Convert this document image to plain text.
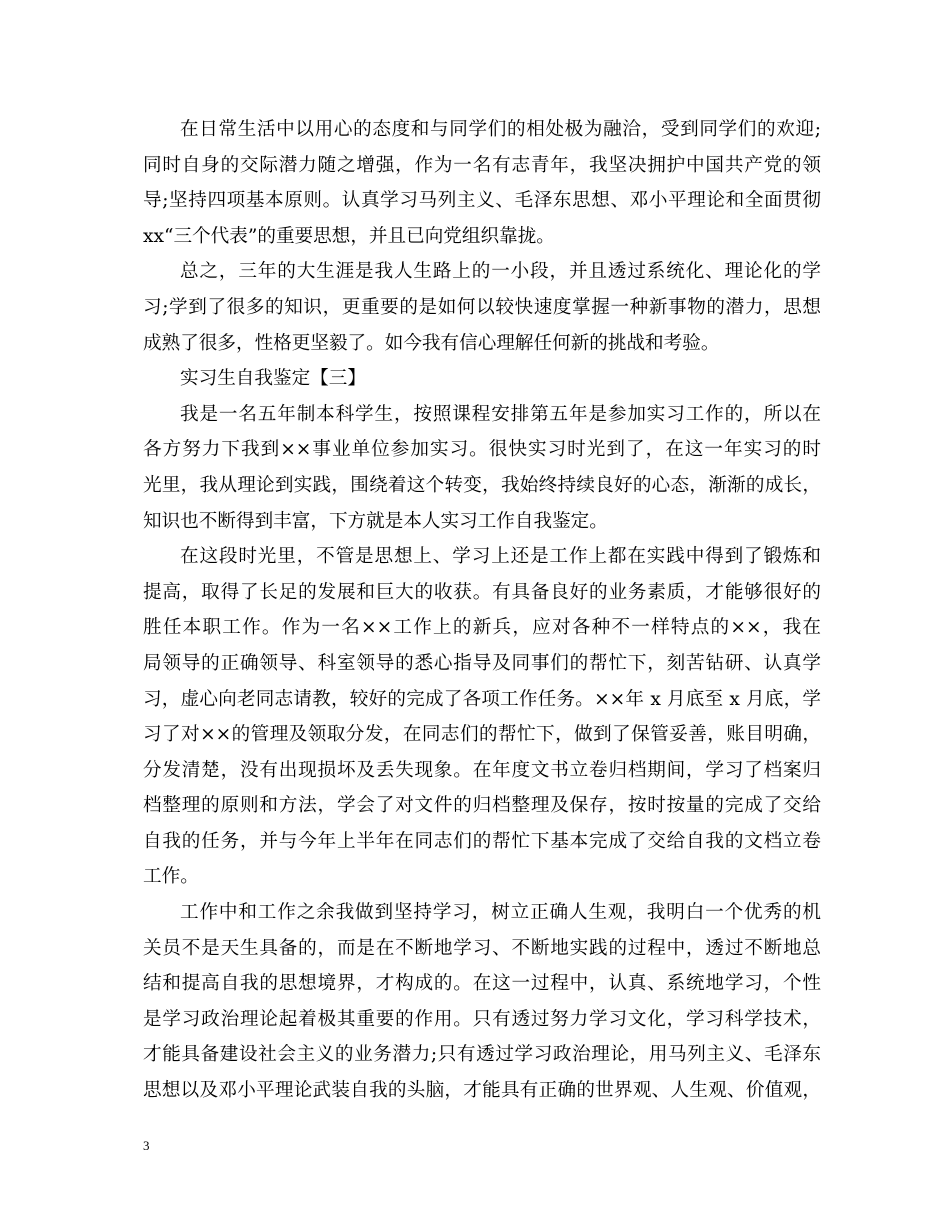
在日常生活中以用心的态度和与同学们的相处极为融洽，受到同学们的欢迎;
同时自身的交际潜力随之增强，作为一名有志青年，我坚决拥护中国共产党的领
导;坚持四项基本原则。认真学习马列主义、毛泽东思想、邓小平理论和全面贯彻
xx“三个代表”的重要思想，并且已向党组织靠拢。
总之，三年的大生涯是我人生路上的一小段，并且透过系统化、理论化的学
习;学到了很多的知识，更重要的是如何以较快速度掌握一种新事物的潜力，思想
成熟了很多，性格更坚毅了。如今我有信心理解任何新的挑战和考验。
实习生自我鉴定【三】
我是一名五年制本科学生，按照课程安排第五年是参加实习工作的，所以在
各方努力下我到××事业单位参加实习。很快实习时光到了，在这一年实习的时
光里，我从理论到实践，围绕着这个转变，我始终持续良好的心态，渐渐的成长，
知识也不断得到丰富，下方就是本人实习工作自我鉴定。
在这段时光里，不管是思想上、学习上还是工作上都在实践中得到了锻炼和
提高，取得了长足的发展和巨大的收获。有具备良好的业务素质，才能够很好的
胜任本职工作。作为一名××工作上的新兵，应对各种不一样特点的××，我在
局领导的正确领导、科室领导的悉心指导及同事们的帮忙下，刻苦钻研、认真学
习，虚心向老同志请教，较好的完成了各项工作任务。××年 x 月底至 x 月底，学
习了对××的管理及领取分发，在同志们的帮忙下，做到了保管妥善，账目明确，
分发清楚，没有出现损坏及丢失现象。在年度文书立卷归档期间，学习了档案归
档整理的原则和方法，学会了对文件的归档整理及保存，按时按量的完成了交给
自我的任务，并与今年上半年在同志们的帮忙下基本完成了交给自我的文档立卷
工作。
工作中和工作之余我做到坚持学习，树立正确人生观，我明白一个优秀的机
关员不是天生具备的，而是在不断地学习、不断地实践的过程中，透过不断地总
结和提高自我的思想境界，才构成的。在这一过程中，认真、系统地学习，个性
是学习政治理论起着极其重要的作用。只有透过努力学习文化，学习科学技术，
才能具备建设社会主义的业务潜力;只有透过学习政治理论，用马列主义、毛泽东
思想以及邓小平理论武装自我的头脑，才能具有正确的世界观、人生观、价值观，
3
